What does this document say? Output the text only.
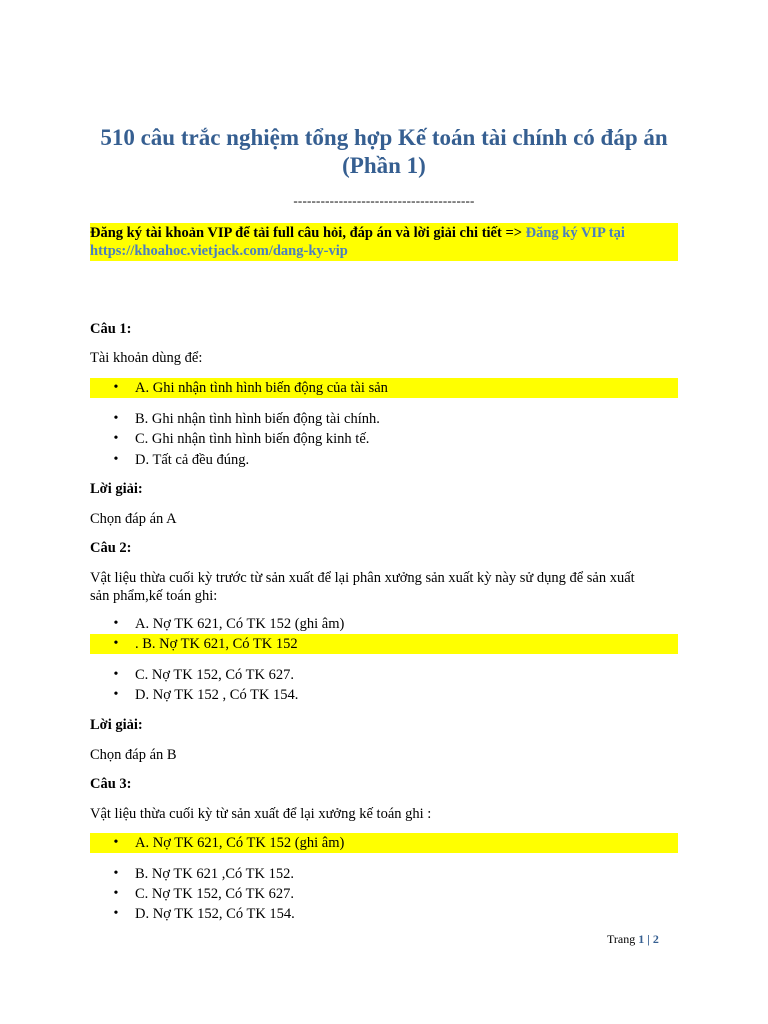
510 câu trắc nghiệm tổng hợp Kế toán tài chính có đáp án
(Phần 1)
----------------------------------------
Đăng ký tài khoản VIP để tải full câu hỏi, đáp án và lời giải chi tiết => Đăng ký VIP tại
https://khoahoc.vietjack.com/dang-ky-vip
Câu 1:
Tài khoản dùng để:
• A. Ghi nhận tình hình biến động của tài sản
• B. Ghi nhận tình hình biến động tài chính.
• C. Ghi nhận tình hình biến động kinh tế.
• D. Tất cả đều đúng.
Lời giải:
Chọn đáp án A
Câu 2:
Vật liệu thừa cuối kỳ trước từ sản xuất để lại phân xưởng sản xuất kỳ này sử dụng để sản xuất
sản phẩm,kế toán ghi:
• A. Nợ TK 621, Có TK 152 (ghi âm)
• . B. Nợ TK 621, Có TK 152
• C. Nợ TK 152, Có TK 627.
• D. Nợ TK 152 , Có TK 154.
Lời giải:
Chọn đáp án B
Câu 3:
Vật liệu thừa cuối kỳ từ sản xuất để lại xưởng kế toán ghi :
• A. Nợ TK 621, Có TK 152 (ghi âm)
• B. Nợ TK 621 ,Có TK 152.
• C. Nợ TK 152, Có TK 627.
• D. Nợ TK 152, Có TK 154.
Trang 1 | 2
